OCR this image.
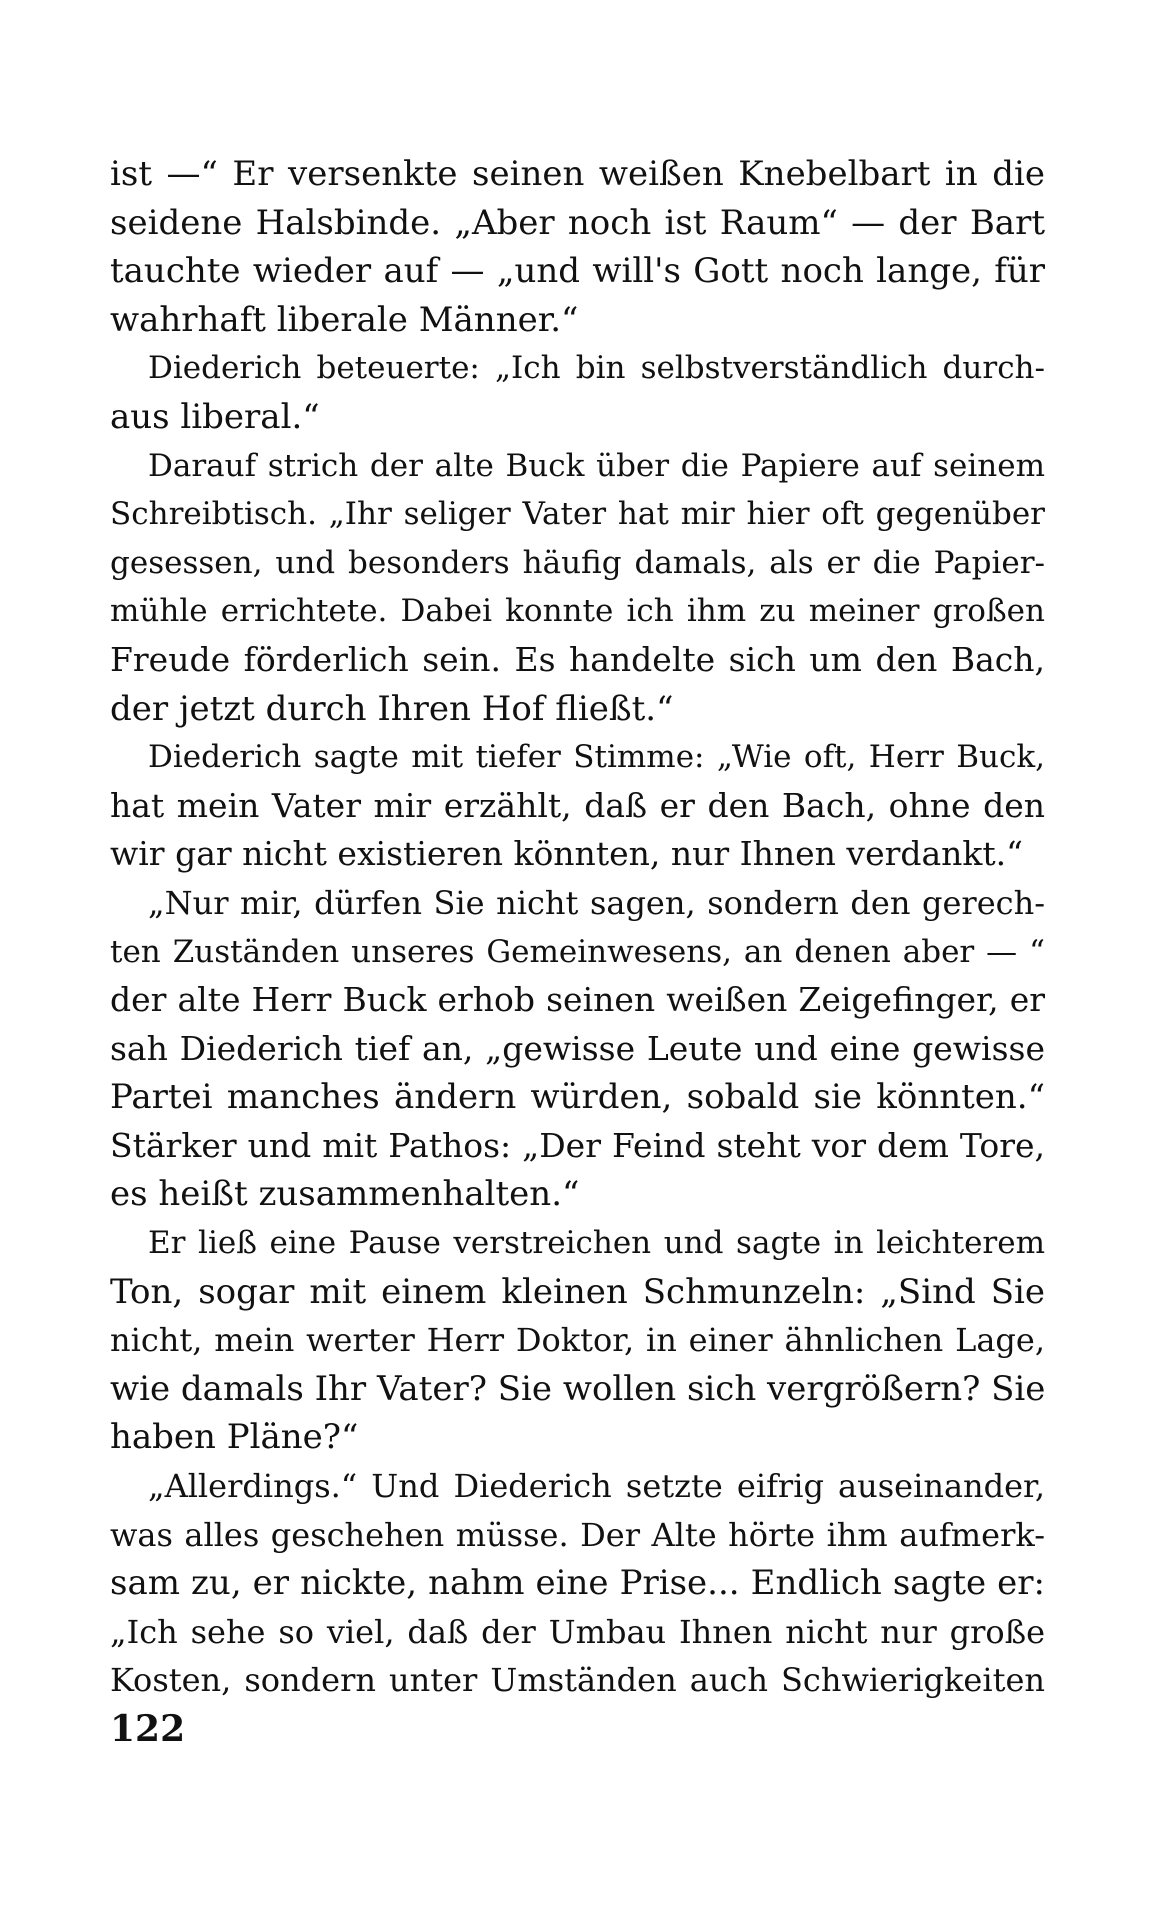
ist —“ Er versenkte seinen weißen Knebelbart in die
seidene Halsbinde. „Aber noch ist Raum“ — der Bart
tauchte wieder auf — „und will's Gott noch lange, für
wahrhaft liberale Männer.“
Diederich beteuerte: „Ich bin selbstverständlich durch-
aus liberal.“
Darauf strich der alte Buck über die Papiere auf seinem
Schreibtisch. „Ihr seliger Vater hat mir hier oft gegenüber
gesessen, und besonders häufig damals, als er die Papier-
mühle errichtete. Dabei konnte ich ihm zu meiner großen
Freude förderlich sein. Es handelte sich um den Bach,
der jetzt durch Ihren Hof fließt.“
Diederich sagte mit tiefer Stimme: „Wie oft, Herr Buck,
hat mein Vater mir erzählt, daß er den Bach, ohne den
wir gar nicht existieren könnten, nur Ihnen verdankt.“
„Nur mir, dürfen Sie nicht sagen, sondern den gerech-
ten Zuständen unseres Gemeinwesens, an denen aber — “
der alte Herr Buck erhob seinen weißen Zeigefinger, er
sah Diederich tief an, „gewisse Leute und eine gewisse
Partei manches ändern würden, sobald sie könnten.“
Stärker und mit Pathos: „Der Feind steht vor dem Tore,
es heißt zusammenhalten.“
Er ließ eine Pause verstreichen und sagte in leichterem
Ton, sogar mit einem kleinen Schmunzeln: „Sind Sie
nicht, mein werter Herr Doktor, in einer ähnlichen Lage,
wie damals Ihr Vater? Sie wollen sich vergrößern? Sie
haben Pläne?“
„Allerdings.“ Und Diederich setzte eifrig auseinander,
was alles geschehen müsse. Der Alte hörte ihm aufmerk-
sam zu, er nickte, nahm eine Prise... Endlich sagte er:
„Ich sehe so viel, daß der Umbau Ihnen nicht nur große
Kosten, sondern unter Umständen auch Schwierigkeiten
122
